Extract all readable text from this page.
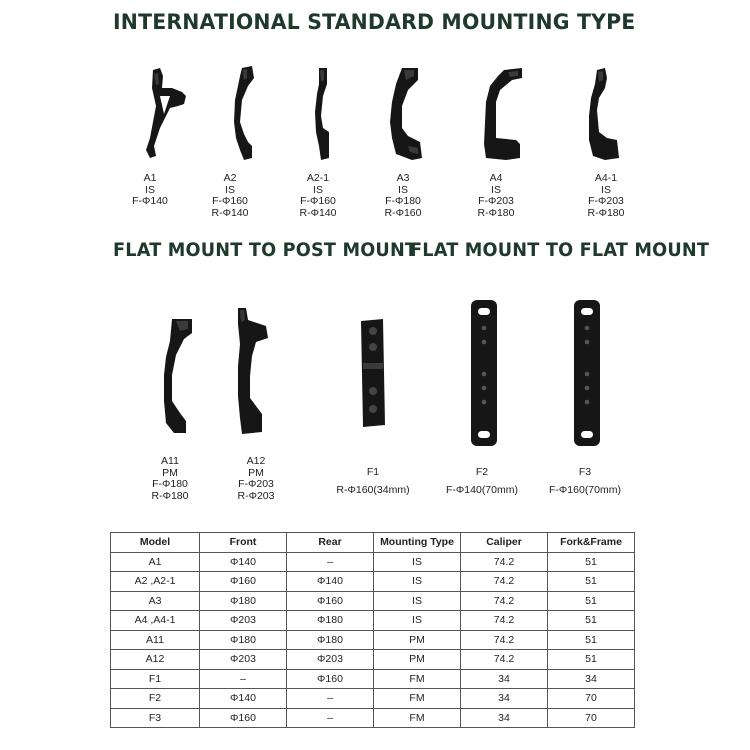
INTERNATIONAL STANDARD MOUNTING TYPE
FLAT MOUNT TO POST MOUNT
FLAT MOUNT TO FLAT MOUNT
A1
IS
F-Φ140
A2
IS
F-Φ160
R-Φ140
A2-1
IS
F-Φ160
R-Φ140
A3
IS
F-Φ180
R-Φ160
A4
IS
F-Φ203
R-Φ180
A4-1
IS
F-Φ203
R-Φ180
A11
PM
F-Φ180
R-Φ180
A12
PM
F-Φ203
R-Φ203
F1
R-Φ160(34mm)
F2
F-Φ140(70mm)
F3
F-Φ160(70mm)
Model	Front	Rear	Mounting Type	Caliper	Fork&Frame
A1	Φ140	–	IS	74.2	51
A2 ,A2-1	Φ160	Φ140	IS	74.2	51
A3	Φ180	Φ160	IS	74.2	51
A4 ,A4-1	Φ203	Φ180	IS	74.2	51
A11	Φ180	Φ180	PM	74.2	51
A12	Φ203	Φ203	PM	74.2	51
F1	–	Φ160	FM	34	34
F2	Φ140	–	FM	34	70
F3	Φ160	–	FM	34	70
